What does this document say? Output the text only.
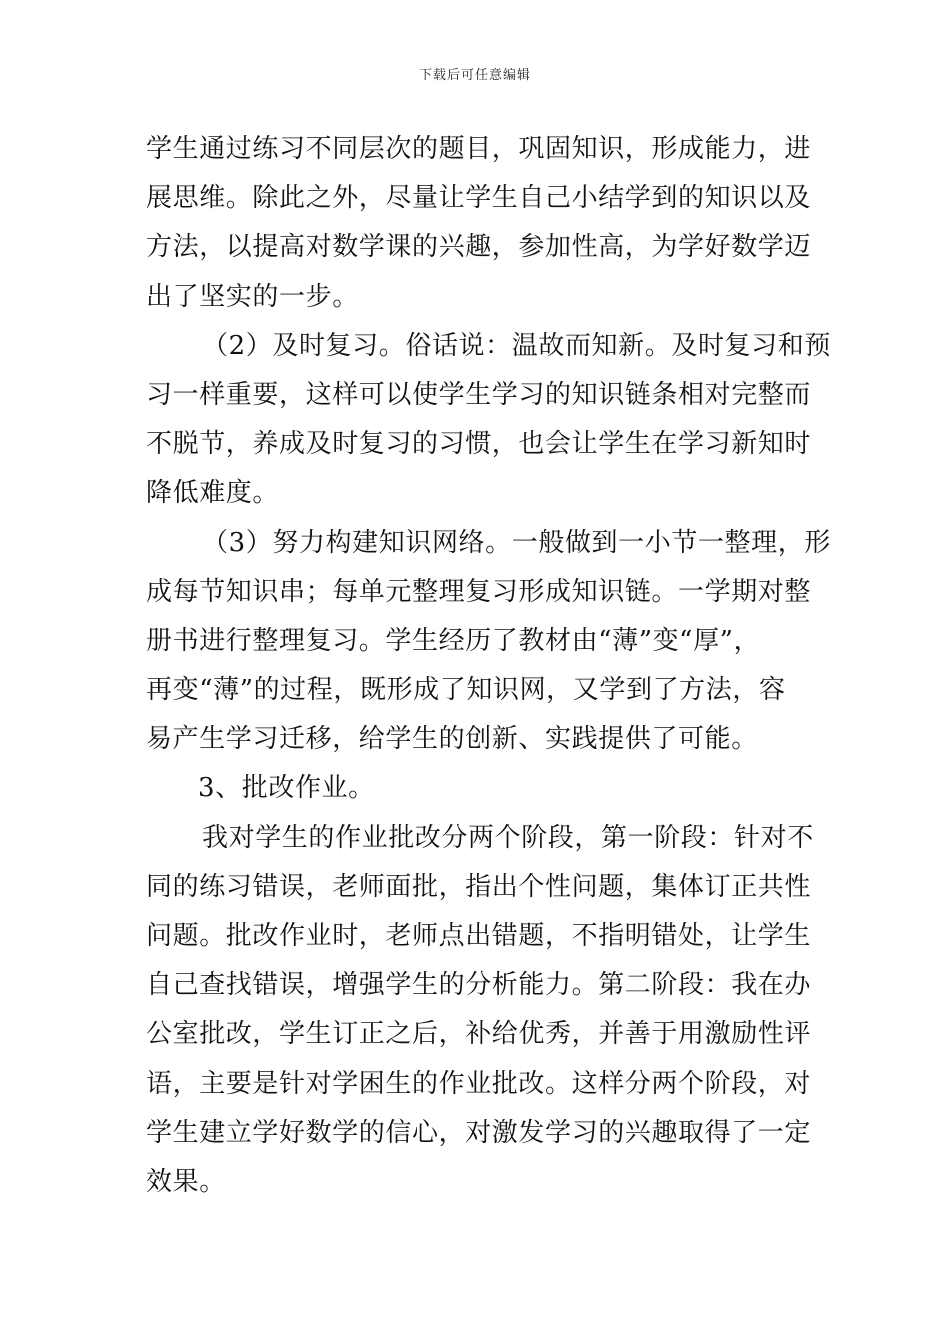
下载后可任意编辑

学生通过练习不同层次的题目，巩固知识，形成能力，进
展思维。除此之外，尽量让学生自己小结学到的知识以及
方法，以提高对数学课的兴趣，参加性高，为学好数学迈
出了坚实的一步。

（2）及时复习。俗话说：温故而知新。及时复习和预
习一样重要，这样可以使学生学习的知识链条相对完整而
不脱节，养成及时复习的习惯，也会让学生在学习新知时
降低难度。

（3）努力构建知识网络。一般做到一小节一整理，形
成每节知识串；每单元整理复习形成知识链。一学期对整
册书进行整理复习。学生经历了教材由“薄”变“厚”，
再变“薄”的过程，既形成了知识网，又学到了方法，容
易产生学习迁移，给学生的创新、实践提供了可能。

3、批改作业。

我对学生的作业批改分两个阶段，第一阶段：针对不
同的练习错误，老师面批，指出个性问题，集体订正共性
问题。批改作业时，老师点出错题，不指明错处，让学生
自己查找错误，增强学生的分析能力。第二阶段：我在办
公室批改，学生订正之后，补给优秀，并善于用激励性评
语，主要是针对学困生的作业批改。这样分两个阶段，对
学生建立学好数学的信心，对激发学习的兴趣取得了一定
效果。
